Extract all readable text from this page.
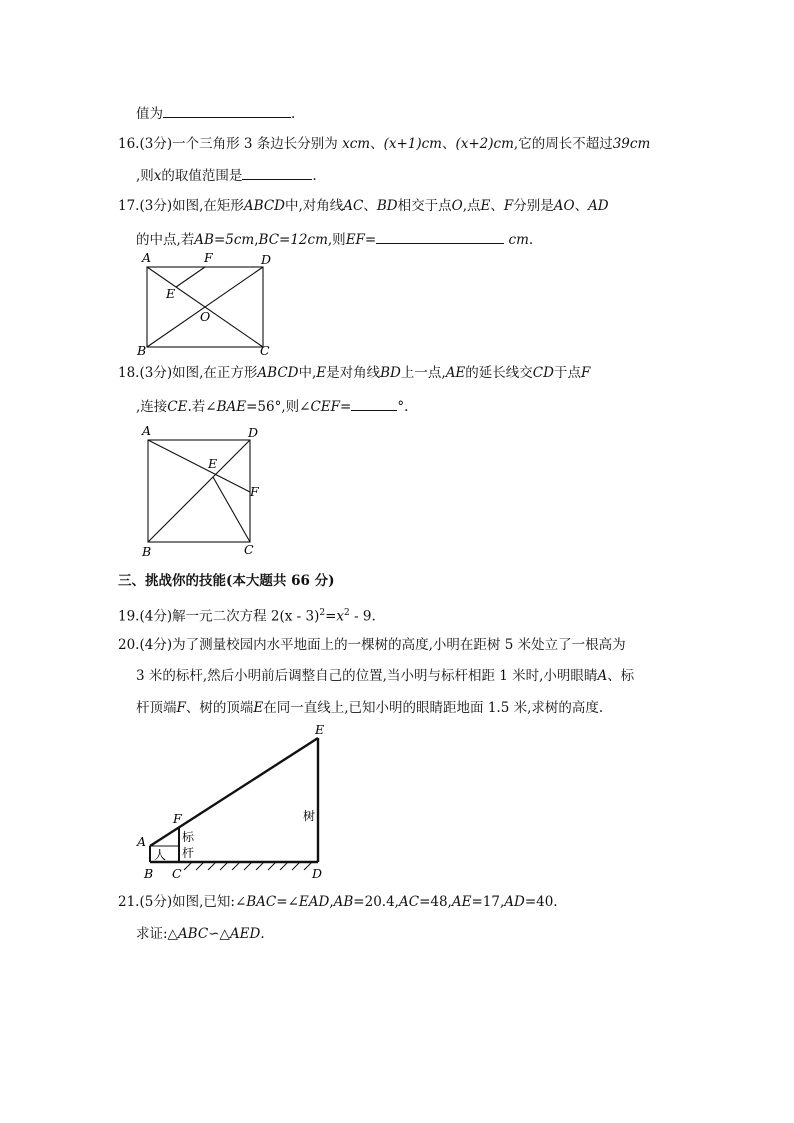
值为	.
16.(3分)一个三角形 3 条边长分别为 xcm、(x+1)cm、(x+2)cm,它的周长不超过39cm
,则x的取值范围是	.
17.(3分)如图,在矩形ABCD中,对角线AC、BD相交于点O,点E、F分别是AO、AD
的中点,若AB=5cm,BC=12cm,则EF=	cm.
A	F	D
E
O
B	C
18.(3分)如图,在正方形ABCD中,E是对角线BD上一点,AE的延长线交CD于点F
,连接CE.若∠BAE=56°,则∠CEF=	°.
A	D
E
F
B	C
三、挑战你的技能(本大题共 66 分)
19.(4分)解一元二次方程 $2(x - 3)^2=x^2 - 9$.
20.(4分)为了测量校园内水平地面上的一棵树的高度,小明在距树 5 米处立了一根高为
3 米的标杆,然后小明前后调整自己的位置,当小明与标杆相距 1 米时,小明眼睛A、标
杆顶端F、树的顶端E在同一直线上,已知小明的眼睛距地面 1.5 米,求树的高度.
E
F
A
B C	D
树
人
标
杆
21.(5分)如图,已知:∠BAC=∠EAD,AB=20.4,AC=48,AE=17,AD=40.
求证:△ABC∽△AED.
